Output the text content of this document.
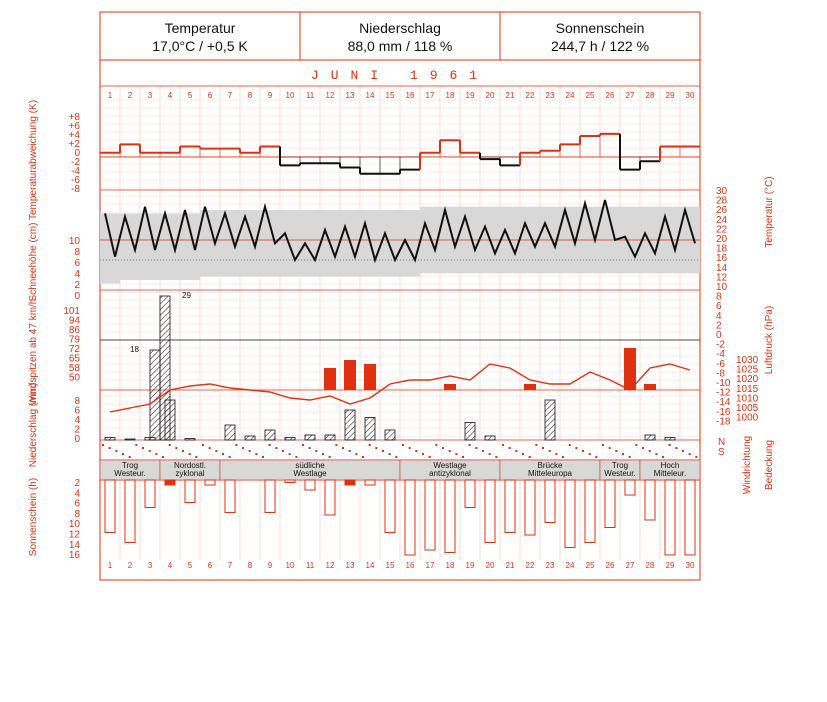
Temperatur
17,0°C / +0,5 K
Niederschlag
88,0 mm / 118 %
Sonnenschein
244,7 h / 122 %
JUNI 1961
1 2 3 4 5 6 7 8 9 10 11 12 13 14 15 16 17 18 19 20 21 22 23 24 25 26 27 28 29 30
29
18
Trog
Westeur.
Nordostl.
zyklonal
südliche
Westlage
Westlage
antizyklonal
Brücke
Mitteleuropa
Trog
Westeur.
Hoch
Mitteleur.
1 2 3 4 5 6 7 8 9 10 11 12 13 14 15 16 17 18 19 20 21 22 23 24 25 26 27 28 29 30
+8
+6
+4
+2
0
-2
-4
-6
-8
10
8
6
4
2
0
101
94
86
79
72
65
58
50
8
6
4
2
0
2
4
6
8
10
12
14
16
30
28
26
24
22
20
18
16
14
12
10
8
6
4
2
0
-2
-4
-6
-8
-10
-12
-14
-16
-18
1030
1025
1020
1015
1010
1005
1000
N
S
Temperaturabweichung (K)
Schneehöhe (cm)
Windspitzen ab 47 km/h
Niederschlag (mm)
Sonnenschein (h)
Temperatur (°C)
Luftdruck (hPa)
Windrichtung Bedeckung
